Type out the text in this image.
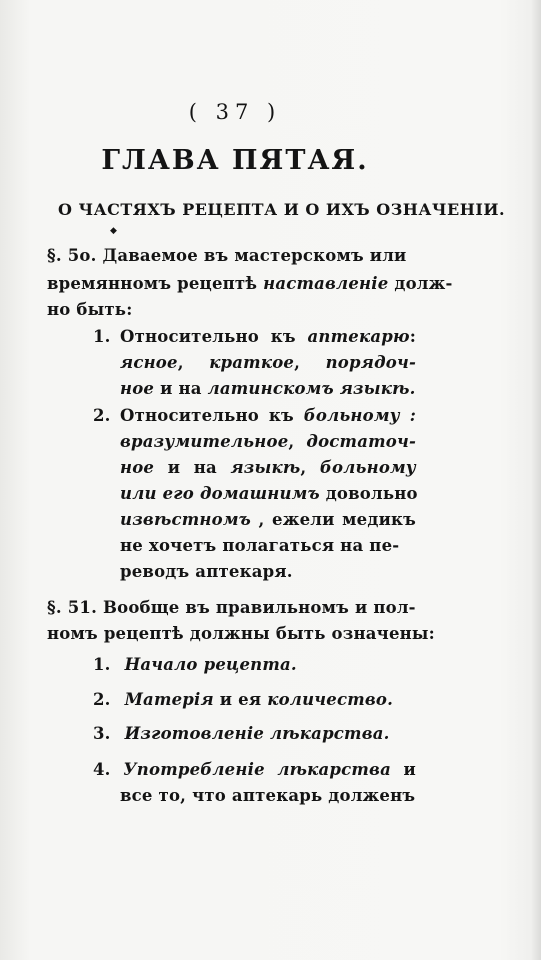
( 37 )
ГЛАВА ПЯТАЯ.
О ЧАСТЯХЪ РЕЦЕПТА И О ИХЪ ОЗНАЧЕНІИ.
◆
§. 5о. Даваемое въ мастерскомъ или
времянномъ рецептѣ наставленіе долж-
но быть:
1. Относительно къ аптекарю:
ясное, краткое, порядоч-
ное и на латинскомъ языкѣ.
2. Относительно къ больному :
вразумительное, достаточ-
ное и на языкѣ, больному
или его домашнимъ довольно
извѣстномъ , ежели медикъ
не хочетъ полагаться на пе-
реводъ аптекаря.
§. 51. Вообще въ правильномъ и пол-
номъ рецептѣ должны быть означены:
1. Начало рецепта.
2. Матерія и ея количество.
3. Изготовленіе лѣкарства.
4. Употребленіе лѣкарства и
все то, что аптекарь долженъ
